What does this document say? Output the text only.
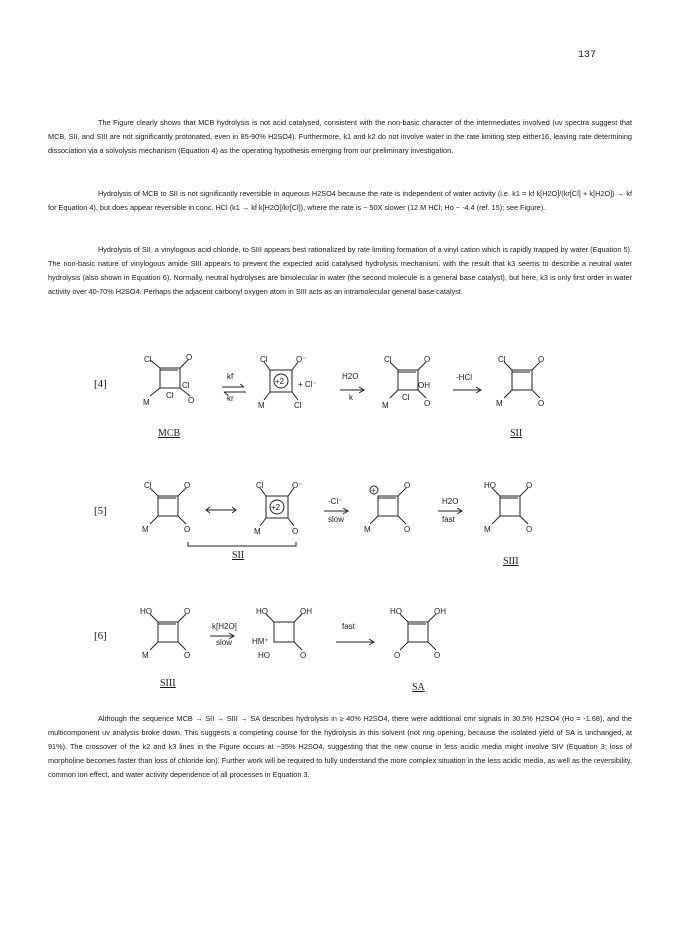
137
The Figure clearly shows that MCB hydrolysis is not acid catalysed, consistent with the non-basic character of the intermediates involved (uv spectra suggest that MCB, SII, and SIII are not significantly protonated, even in 85-90% H2SO4). Furthermore, k1 and k2 do not involve water in the rate limiting step either16, leaving rate determining dissociation via a solvolysis mechanism (Equation 4) as the operating hypothesis emerging from our preliminary investigation.
Hydrolysis of MCB to SII is not significantly reversible in aqueous H2SO4 because the rate is independent of water activity (i.e. k1 = kf k[H2O]/(kr[Cl] + k[H2O]) → kf for Equation 4), but does appear reversible in conc. HCl (k1 → kf k[H2O]/kr[Cl]), where the rate is ~ 50X slower (12 M HCl; Ho ~ -4.4 (ref. 15); see Figure).
Hydrolysis of SII, a vinylogous acid chloride, to SIII appears best rationalized by rate limiting formation of a vinyl cation which is rapidly trapped by water (Equation 5). The non-basic nature of vinylogous amide SIII appears to prevent the expected acid catalysed hydrolysis mechanism, with the result that k3 seems to describe a neutral water hydrolysis (also shown in Equation 6). Normally, neutral hydrolyses are bimolecular in water (the second molecule is a general base catalyst), but here, k3 is only first order in water activity over 40-70% H2SO4. Perhaps the adjacent carbonyl oxygen atom in SIII acts as an intramolecular general base catalyst.
Although the sequence MCB → SII → SIII → SA describes hydrolysis in ≥ 40% H2SO4, there were additional cmr signals in 30.5% H2SO4 (Ho = -1.68), and the multicomponent uv analysis broke down. This suggests a competing course for the hydrolysis in this solvent (not ring opening, because the isolated yield of SA is unchanged, at 91%). The crossover of the k2 and k3 lines in the Figure occurs at ~35% H2SO4, suggesting that the new course in less acidic media might involve SIV (Equation 3; loss of morpholine becomes faster than loss of chloride ion). Further work will be required to fully understand the more complex situation in the less acidic media, as well as the reversibility, common ion effect, and water activity dependence of all processes in Equation 3.
[4]
Cl	O
O
M
Cl
Cl
kf
kr
+2
Cl	O⁻
M	Cl
+ Cl⁻
H2O
k
Cl	O
O
M
OH
Cl
-HCl
Cl	O
O
M
MCB	SII
[5]
Cl	O
O
M
+2
Cl	O⁻
M	O
SII
-Cl⁻
slow
+
O
O
M
H2O
fast
HO	O
O
M
SIII
[6]
HO	O
O
M
SIII
k[H2O]
slow
HO	OH
O
HM⁺
HO
fast
HO	OH
O
O
SA
